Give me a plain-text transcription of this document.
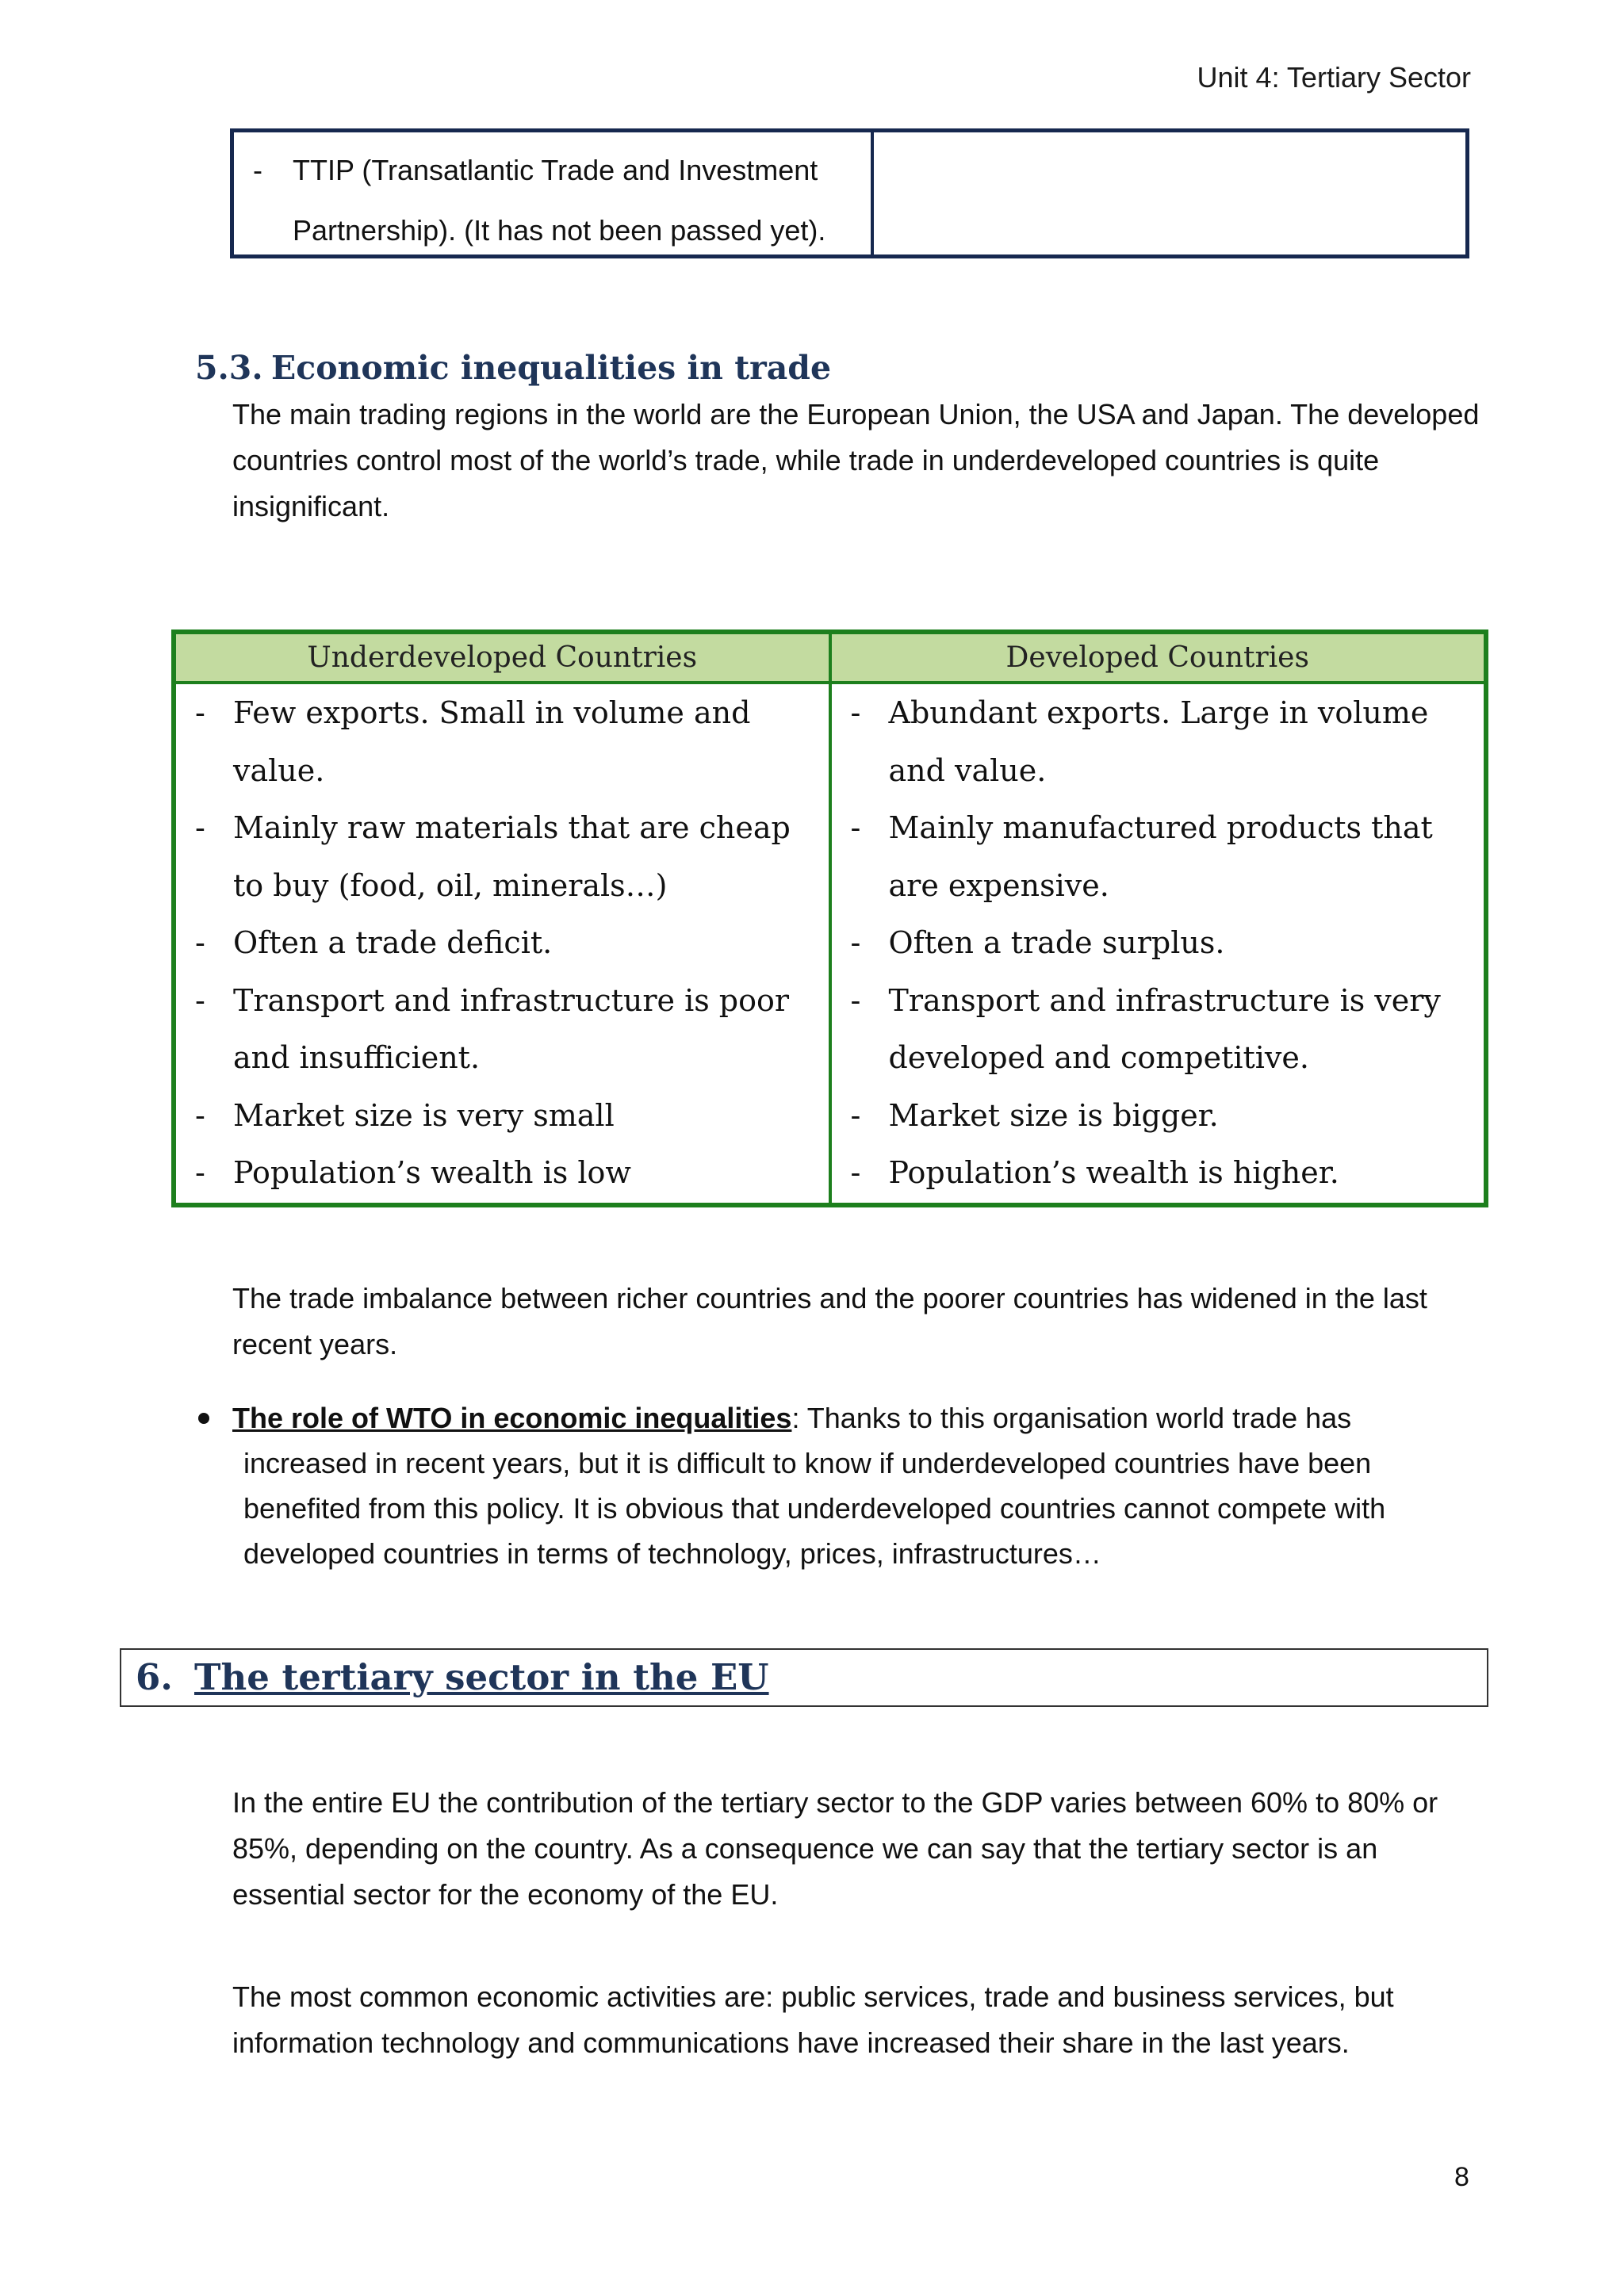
Unit 4: Tertiary Sector
- TTIP (Transatlantic Trade and Investment
Partnership). (It has not been passed yet).
5.3. Economic inequalities in trade
The main trading regions in the world are the European Union, the USA and Japan. The developed countries control most of the world’s trade, while trade in underdeveloped countries is quite insignificant.
Underdeveloped Countries	Developed Countries
- Few exports. Small in volume and value.
- Mainly raw materials that are cheap to buy (food, oil, minerals…)
- Often a trade deficit.
- Transport and infrastructure is poor and insufficient.
- Market size is very small
- Population’s wealth is low
- Abundant exports. Large in volume and value.
- Mainly manufactured products that are expensive.
- Often a trade surplus.
- Transport and infrastructure is very developed and competitive.
- Market size is bigger.
- Population’s wealth is higher.
The trade imbalance between richer countries and the poorer countries has widened in the last recent years.
The role of WTO in economic inequalities: Thanks to this organisation world trade has
increased in recent years, but it is difficult to know if underdeveloped countries have been benefited from this policy. It is obvious that underdeveloped countries cannot compete with developed countries in terms of technology, prices, infrastructures…
6. The tertiary sector in the EU
In the entire EU the contribution of the tertiary sector to the GDP varies between 60% to 80% or 85%, depending on the country. As a consequence we can say that the tertiary sector is an essential sector for the economy of the EU.
The most common economic activities are: public services, trade and business services, but information technology and communications have increased their share in the last years.
8
